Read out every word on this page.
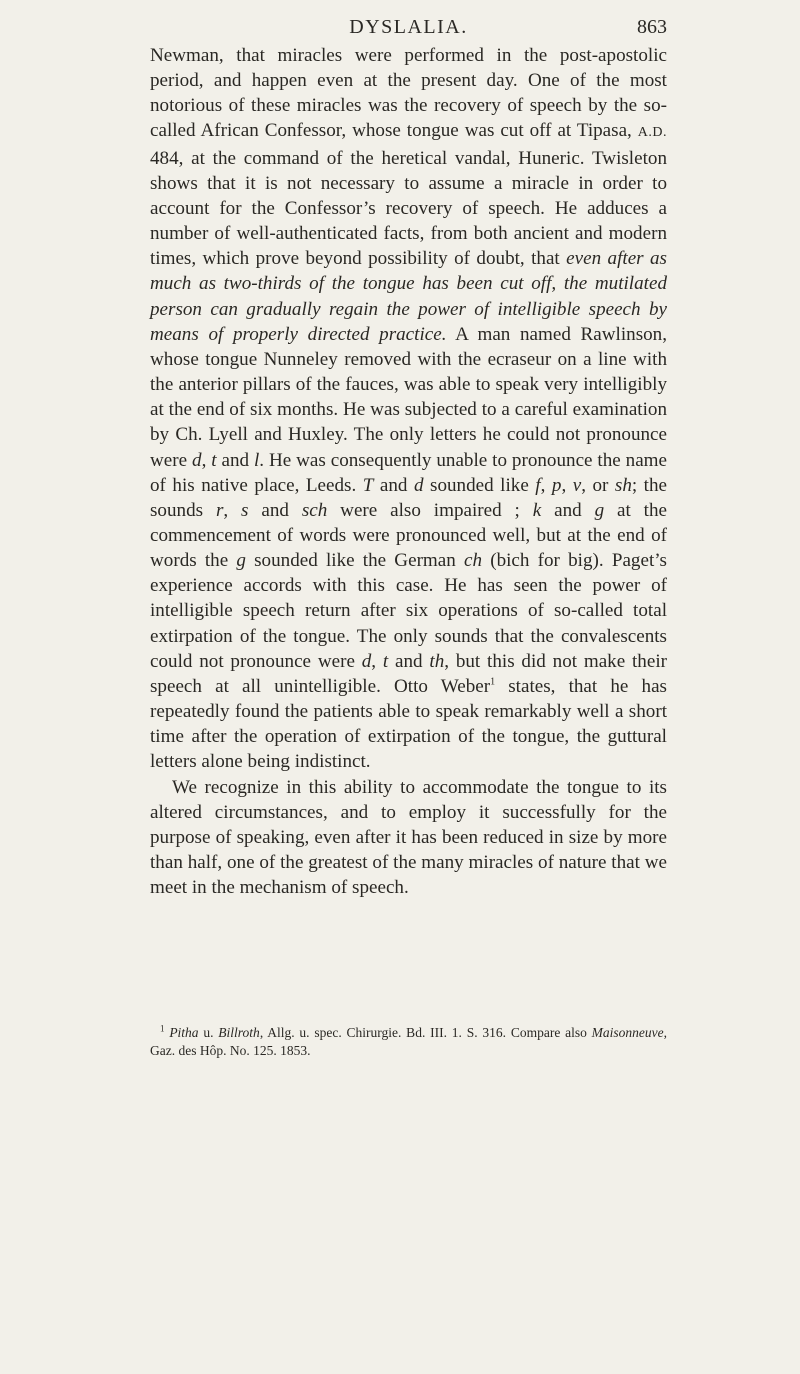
DYSLALIA.	863

Newman, that miracles were performed in the post-apostolic period, and happen even at the present day. One of the most notorious of these miracles was the recovery of speech by the so-called African Confessor, whose tongue was cut off at Tipasa, A.D. 484, at the command of the heretical vandal, Huneric. Twisleton shows that it is not necessary to assume a miracle in order to account for the Confessor’s recovery of speech. He adduces a number of well-authenticated facts, from both ancient and modern times, which prove beyond possibility of doubt, that even after as much as two-thirds of the tongue has been cut off, the mutilated person can gradually regain the power of intelligible speech by means of properly directed practice. A man named Rawlinson, whose tongue Nunneley removed with the ecraseur on a line with the anterior pillars of the fauces, was able to speak very intelligibly at the end of six months. He was subjected to a careful examination by Ch. Lyell and Huxley. The only letters he could not pronounce were d, t and l. He was consequently unable to pronounce the name of his native place, Leeds. T and d sounded like f, p, v, or sh; the sounds r, s and sch were also impaired ; k and g at the commencement of words were pronounced well, but at the end of words the g sounded like the German ch (bich for big). Paget’s experience accords with this case. He has seen the power of intelligible speech return after six operations of so-called total extirpation of the tongue. The only sounds that the convalescents could not pronounce were d, t and th, but this did not make their speech at all unintelligible. Otto Weber$^1$ states, that he has repeatedly found the patients able to speak remarkably well a short time after the operation of extirpation of the tongue, the guttural letters alone being indistinct.

We recognize in this ability to accommodate the tongue to its altered circumstances, and to employ it successfully for the purpose of speaking, even after it has been reduced in size by more than half, one of the greatest of the many miracles of nature that we meet in the mechanism of speech.

$^1$ Pitha u. Billroth, Allg. u. spec. Chirurgie. Bd. III. 1. S. 316. Compare also Maisonneuve, Gaz. des Hôp. No. 125. 1853.
